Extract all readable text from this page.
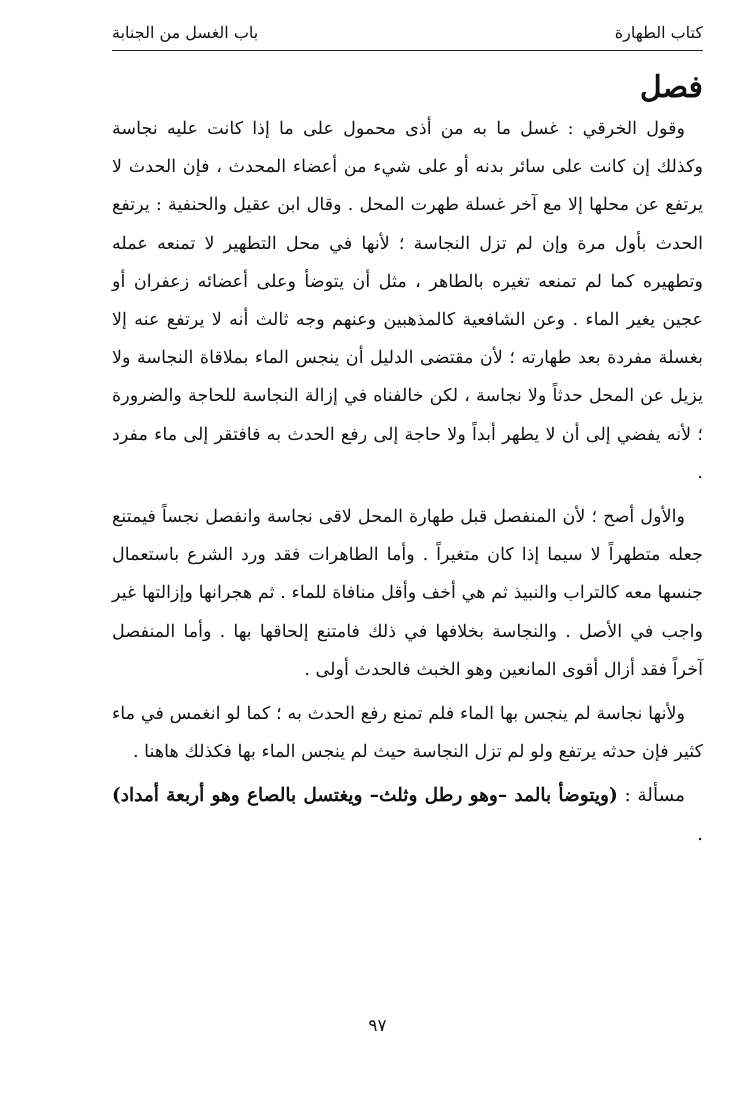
كتاب الطهارة
باب الغسل من الجنابة
فصل

وقول الخرقي : غسل ما به من أذى محمول على ما إذا كانت عليه نجاسة وكذلك إن كانت على سائر بدنه أو على شيء من أعضاء المحدث ، فإن الحدث لا يرتفع عن محلها إلا مع آخر غسلة طهرت المحل . وقال ابن عقيل والحنفية : يرتفع الحدث بأول مرة وإن لم تزل النجاسة ؛ لأنها في محل التطهير لا تمنعه عمله وتطهيره كما لم تمنعه تغيره بالطاهر ، مثل أن يتوضأ وعلى أعضائه زعفران أو عجين يغير الماء . وعن الشافعية كالمذهبين وعنهم وجه ثالث أنه لا يرتفع عنه إلا بغسلة مفردة بعد طهارته ؛ لأن مقتضى الدليل أن ينجس الماء بملاقاة النجاسة ولا يزيل عن المحل حدثاً ولا نجاسة ، لكن خالفناه في إزالة النجاسة للحاجة والضرورة ؛ لأنه يفضي إلى أن لا يطهر أبداً ولا حاجة إلى رفع الحدث به فافتقر إلى ماء مفرد .

والأول أصح ؛ لأن المنفصل قبل طهارة المحل لاقى نجاسة وانفصل نجساً فيمتنع جعله متطهراً لا سيما إذا كان متغيراً . وأما الطاهرات فقد ورد الشرع باستعمال جنسها معه كالتراب والنبيذ ثم هي أخف وأقل منافاة للماء . ثم هجرانها وإزالتها غير واجب في الأصل . والنجاسة بخلافها في ذلك فامتنع إلحاقها بها . وأما المنفصل آخراً فقد أزال أقوى المانعين وهو الخبث فالحدث أولى .

ولأنها نجاسة لم ينجس بها الماء فلم تمنع رفع الحدث به ؛ كما لو انغمس في ماء كثير فإن حدثه يرتفع ولو لم تزل النجاسة حيث لم ينجس الماء بها فكذلك هاهنا .

مسألة : (ويتوضأ بالمد –وهو رطل وثلث– ويغتسل بالصاع وهو أربعة أمداد) .

٩٧
